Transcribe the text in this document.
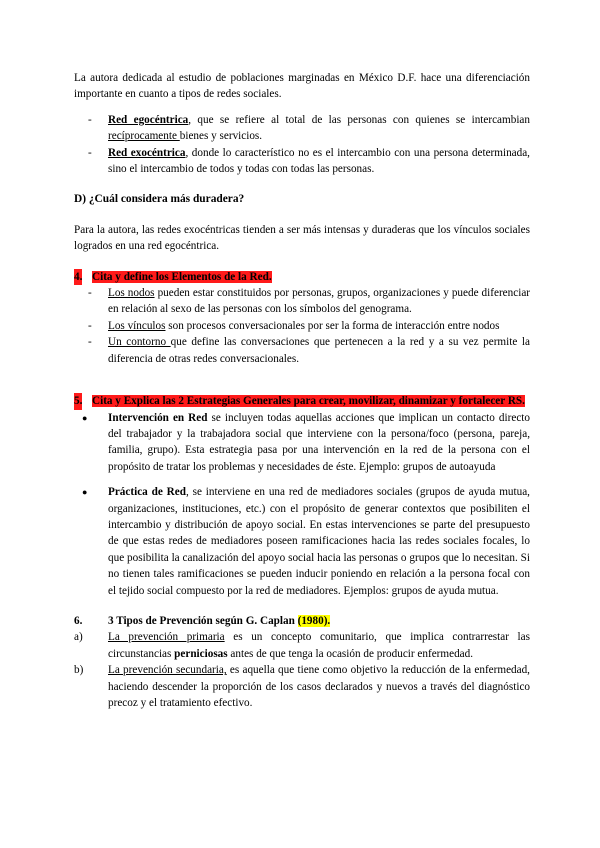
La autora dedicada al estudio de poblaciones marginadas en México D.F. hace una diferenciación importante en cuanto a tipos de redes sociales.

-	Red egocéntrica, que se refiere al total de las personas con quienes se intercambian recíprocamente bienes y servicios.
-	Red exocéntrica, donde lo característico no es el intercambio con una persona determinada, sino el intercambio de todos y todas con todas las personas.
D) ¿Cuál considera más duradera?

Para la autora, las redes exocéntricas tienden a ser más intensas y duraderas que los vínculos sociales logrados en una red egocéntrica.

4. Cita y define los Elementos de la Red.
-	Los nodos pueden estar constituidos por personas, grupos, organizaciones y puede diferenciar en relación al sexo de las personas con los símbolos del genograma.
-	Los vínculos son procesos conversacionales por ser la forma de interacción entre nodos
-	Un contorno que define las conversaciones que pertenecen a la red y a su vez permite la diferencia de otras redes conversacionales.
5. Cita y Explica las 2 Estrategias Generales para crear, movilizar, dinamizar y fortalecer RS.
●	Intervención en Red se incluyen todas aquellas acciones que implican un contacto directo del trabajador y la trabajadora social que interviene con la persona/foco (persona, pareja, familia, grupo). Esta estrategia pasa por una intervención en la red de la persona con el propósito de tratar los problemas y necesidades de éste. Ejemplo: grupos de autoayuda
●	Práctica de Red, se interviene en una red de mediadores sociales (grupos de ayuda mutua, organizaciones, instituciones, etc.) con el propósito de generar contextos que posibiliten el intercambio y distribución de apoyo social. En estas intervenciones se parte del presupuesto de que estas redes de mediadores poseen ramificaciones hacia las redes sociales focales, lo que posibilita la canalización del apoyo social hacia las personas o grupos que lo necesitan. Si no tienen tales ramificaciones se pueden inducir poniendo en relación a la persona focal con el tejido social compuesto por la red de mediadores. Ejemplos: grupos de ayuda mutua.
6. 3 Tipos de Prevención según G. Caplan (1980).
a)	La prevención primaria es un concepto comunitario, que implica contrarrestar las circunstancias perniciosas antes de que tenga la ocasión de producir enfermedad.
b)	La prevención secundaria, es aquella que tiene como objetivo la reducción de la enfermedad, haciendo descender la proporción de los casos declarados y nuevos a través del diagnóstico precoz y el tratamiento efectivo.
